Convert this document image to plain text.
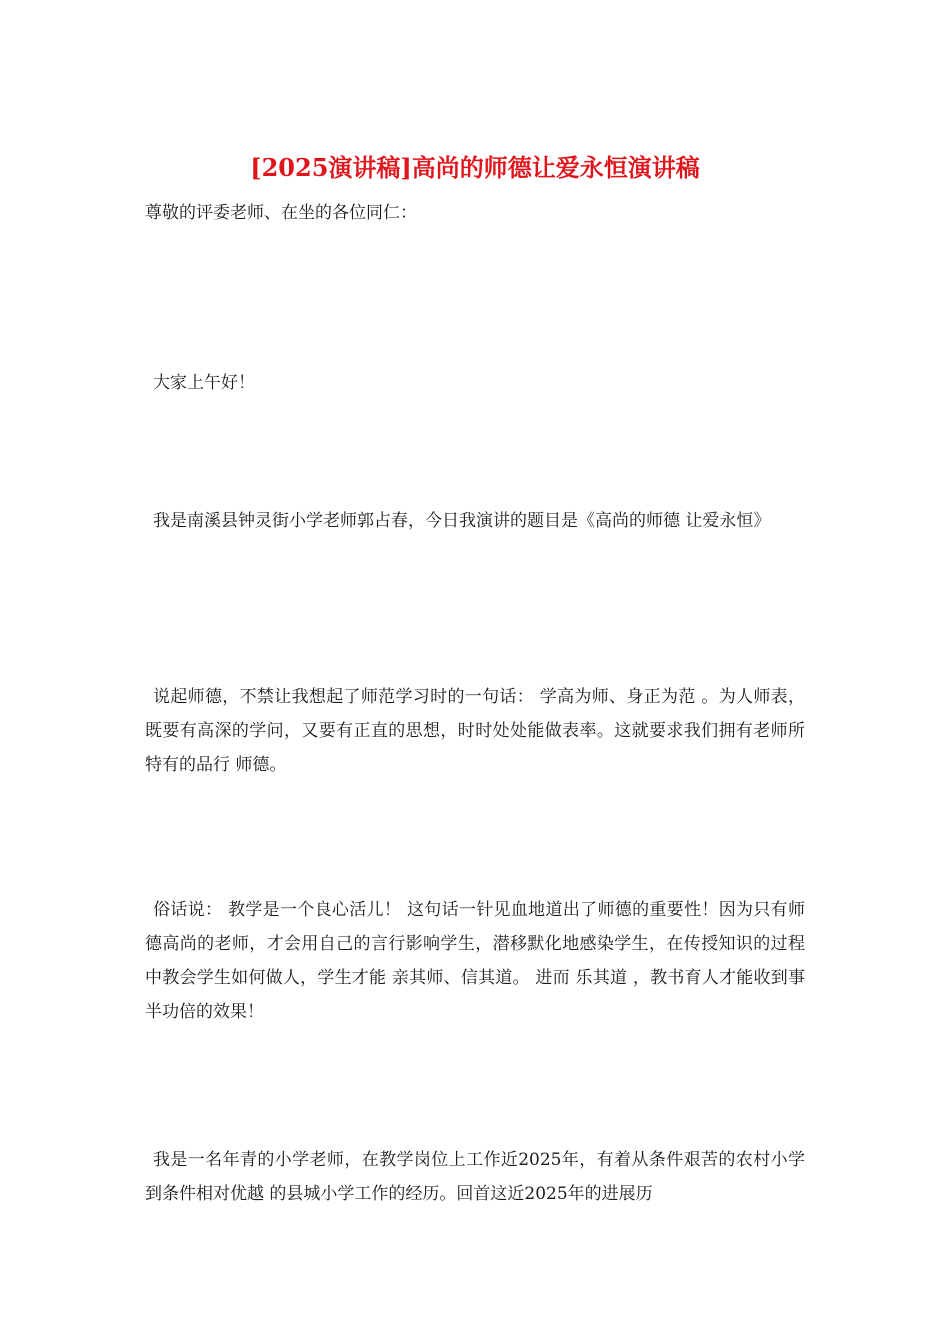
[2025演讲稿]高尚的师德让爱永恒演讲稿

尊敬的评委老师、在坐的各位同仁：

大家上午好！

我是南溪县钟灵街小学老师郭占春，今日我演讲的题目是《高尚的师德 让爱永恒》

说起师德，不禁让我想起了师范学习时的一句话： 学高为师、身正为范 。为人师表，既要有高深的学问，又要有正直的思想，时时处处能做表率。这就要求我们拥有老师所特有的品行 师德。

俗话说： 教学是一个良心活儿！ 这句话一针见血地道出了师德的重要性！因为只有师德高尚的老师，才会用自己的言行影响学生，潜移默化地感染学生，在传授知识的过程中教会学生如何做人，学生才能 亲其师、信其道。 进而 乐其道 ，教书育人才能收到事半功倍的效果！

我是一名年青的小学老师，在教学岗位上工作近2025年，有着从条件艰苦的农村小学到条件相对优越 的县城小学工作的经历。回首这近2025年的进展历
